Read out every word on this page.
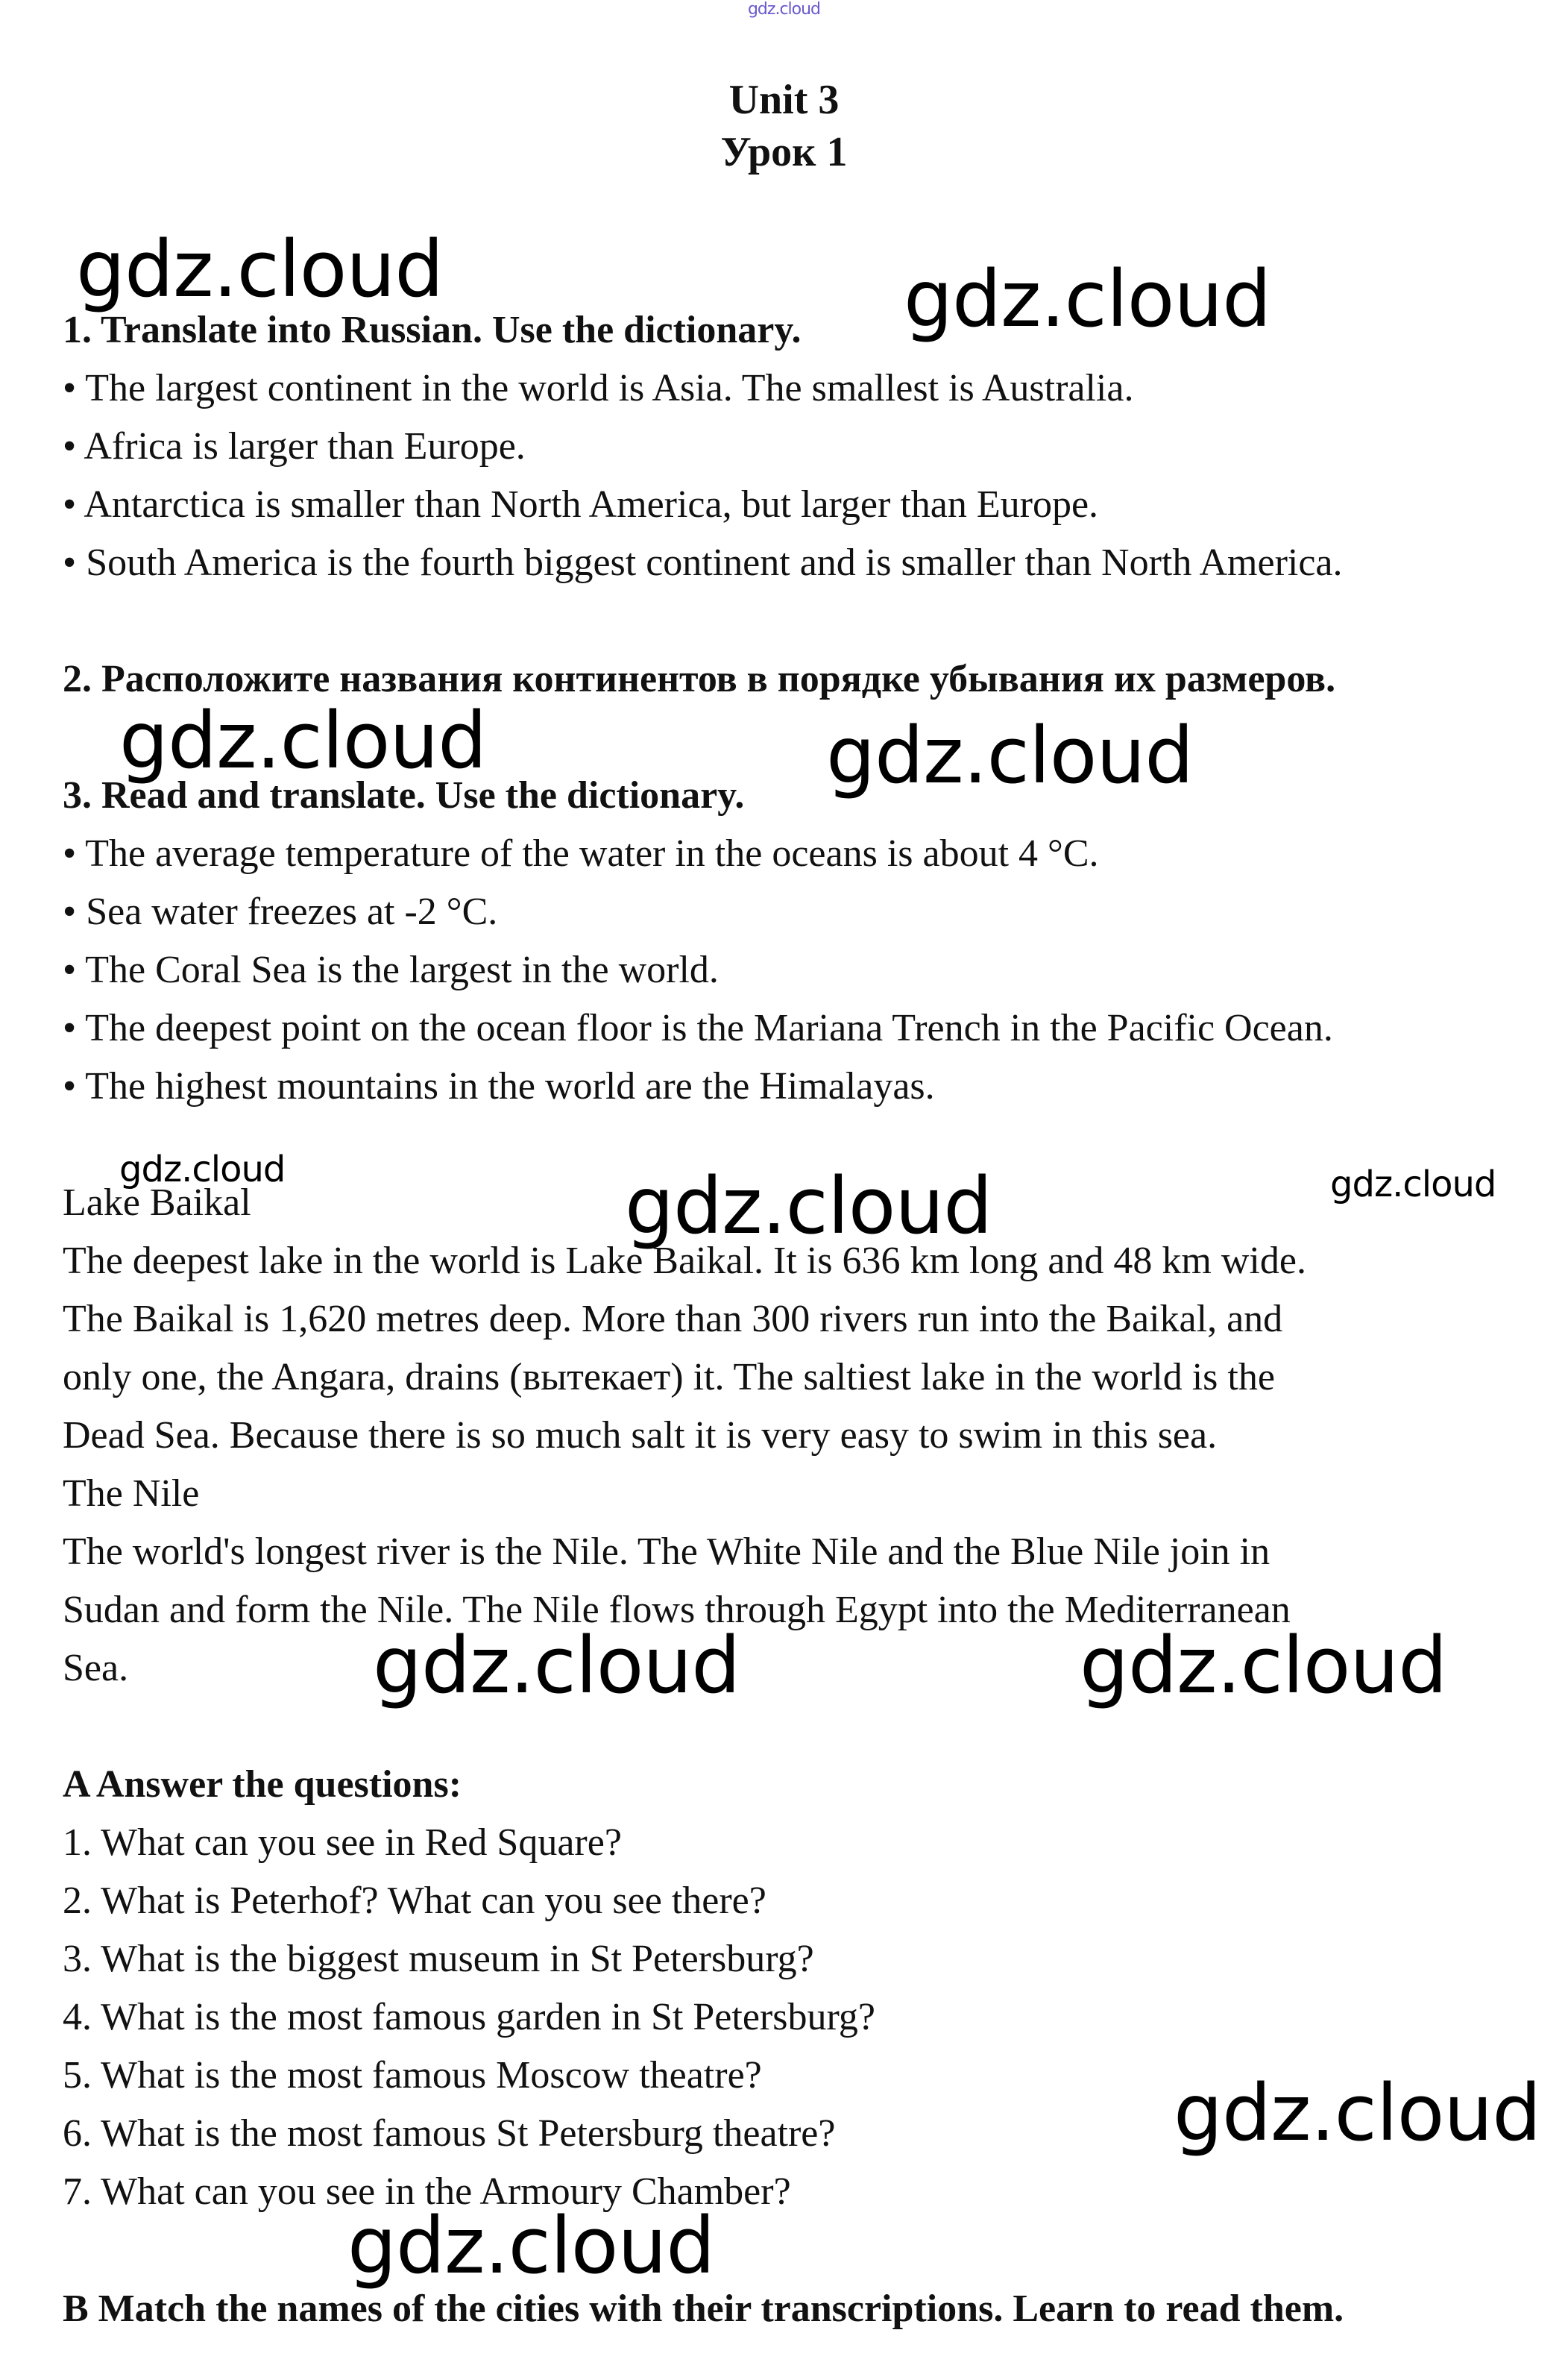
gdz.cloud
Unit 3
Урок 1
1. Translate into Russian. Use the dictionary.
• The largest continent in the world is Asia. The smallest is Australia.
• Africa is larger than Europe.
• Antarctica is smaller than North America, but larger than Europe.
• South America is the fourth biggest continent and is smaller than North America.
2. Расположите названия континентов в порядке убывания их размеров.
3. Read and translate. Use the dictionary.
• The average temperature of the water in the oceans is about 4 °C.
• Sea water freezes at -2 °C.
• The Coral Sea is the largest in the world.
• The deepest point on the ocean floor is the Mariana Trench in the Pacific Ocean.
• The highest mountains in the world are the Himalayas.
Lake Baikal
The deepest lake in the world is Lake Baikal. It is 636 km long and 48 km wide.
The Baikal is 1,620 metres deep. More than 300 rivers run into the Baikal, and
only one, the Angara, drains (вытекает) it. The saltiest lake in the world is the
Dead Sea. Because there is so much salt it is very easy to swim in this sea.
The Nile
The world's longest river is the Nile. The White Nile and the Blue Nile join in
Sudan and form the Nile. The Nile flows through Egypt into the Mediterranean
Sea.
A Answer the questions:
1. What can you see in Red Square?
2. What is Peterhof? What can you see there?
3. What is the biggest museum in St Petersburg?
4. What is the most famous garden in St Petersburg?
5. What is the most famous Moscow theatre?
6. What is the most famous St Petersburg theatre?
7. What can you see in the Armoury Chamber?
B Match the names of the cities with their transcriptions. Learn to read them.
gdz.cloud	gdz.cloud
gdz.cloud	gdz.cloud
gdz.cloud	gdz.cloud	gdz.cloud
gdz.cloud	gdz.cloud
gdz.cloud
gdz.cloud
